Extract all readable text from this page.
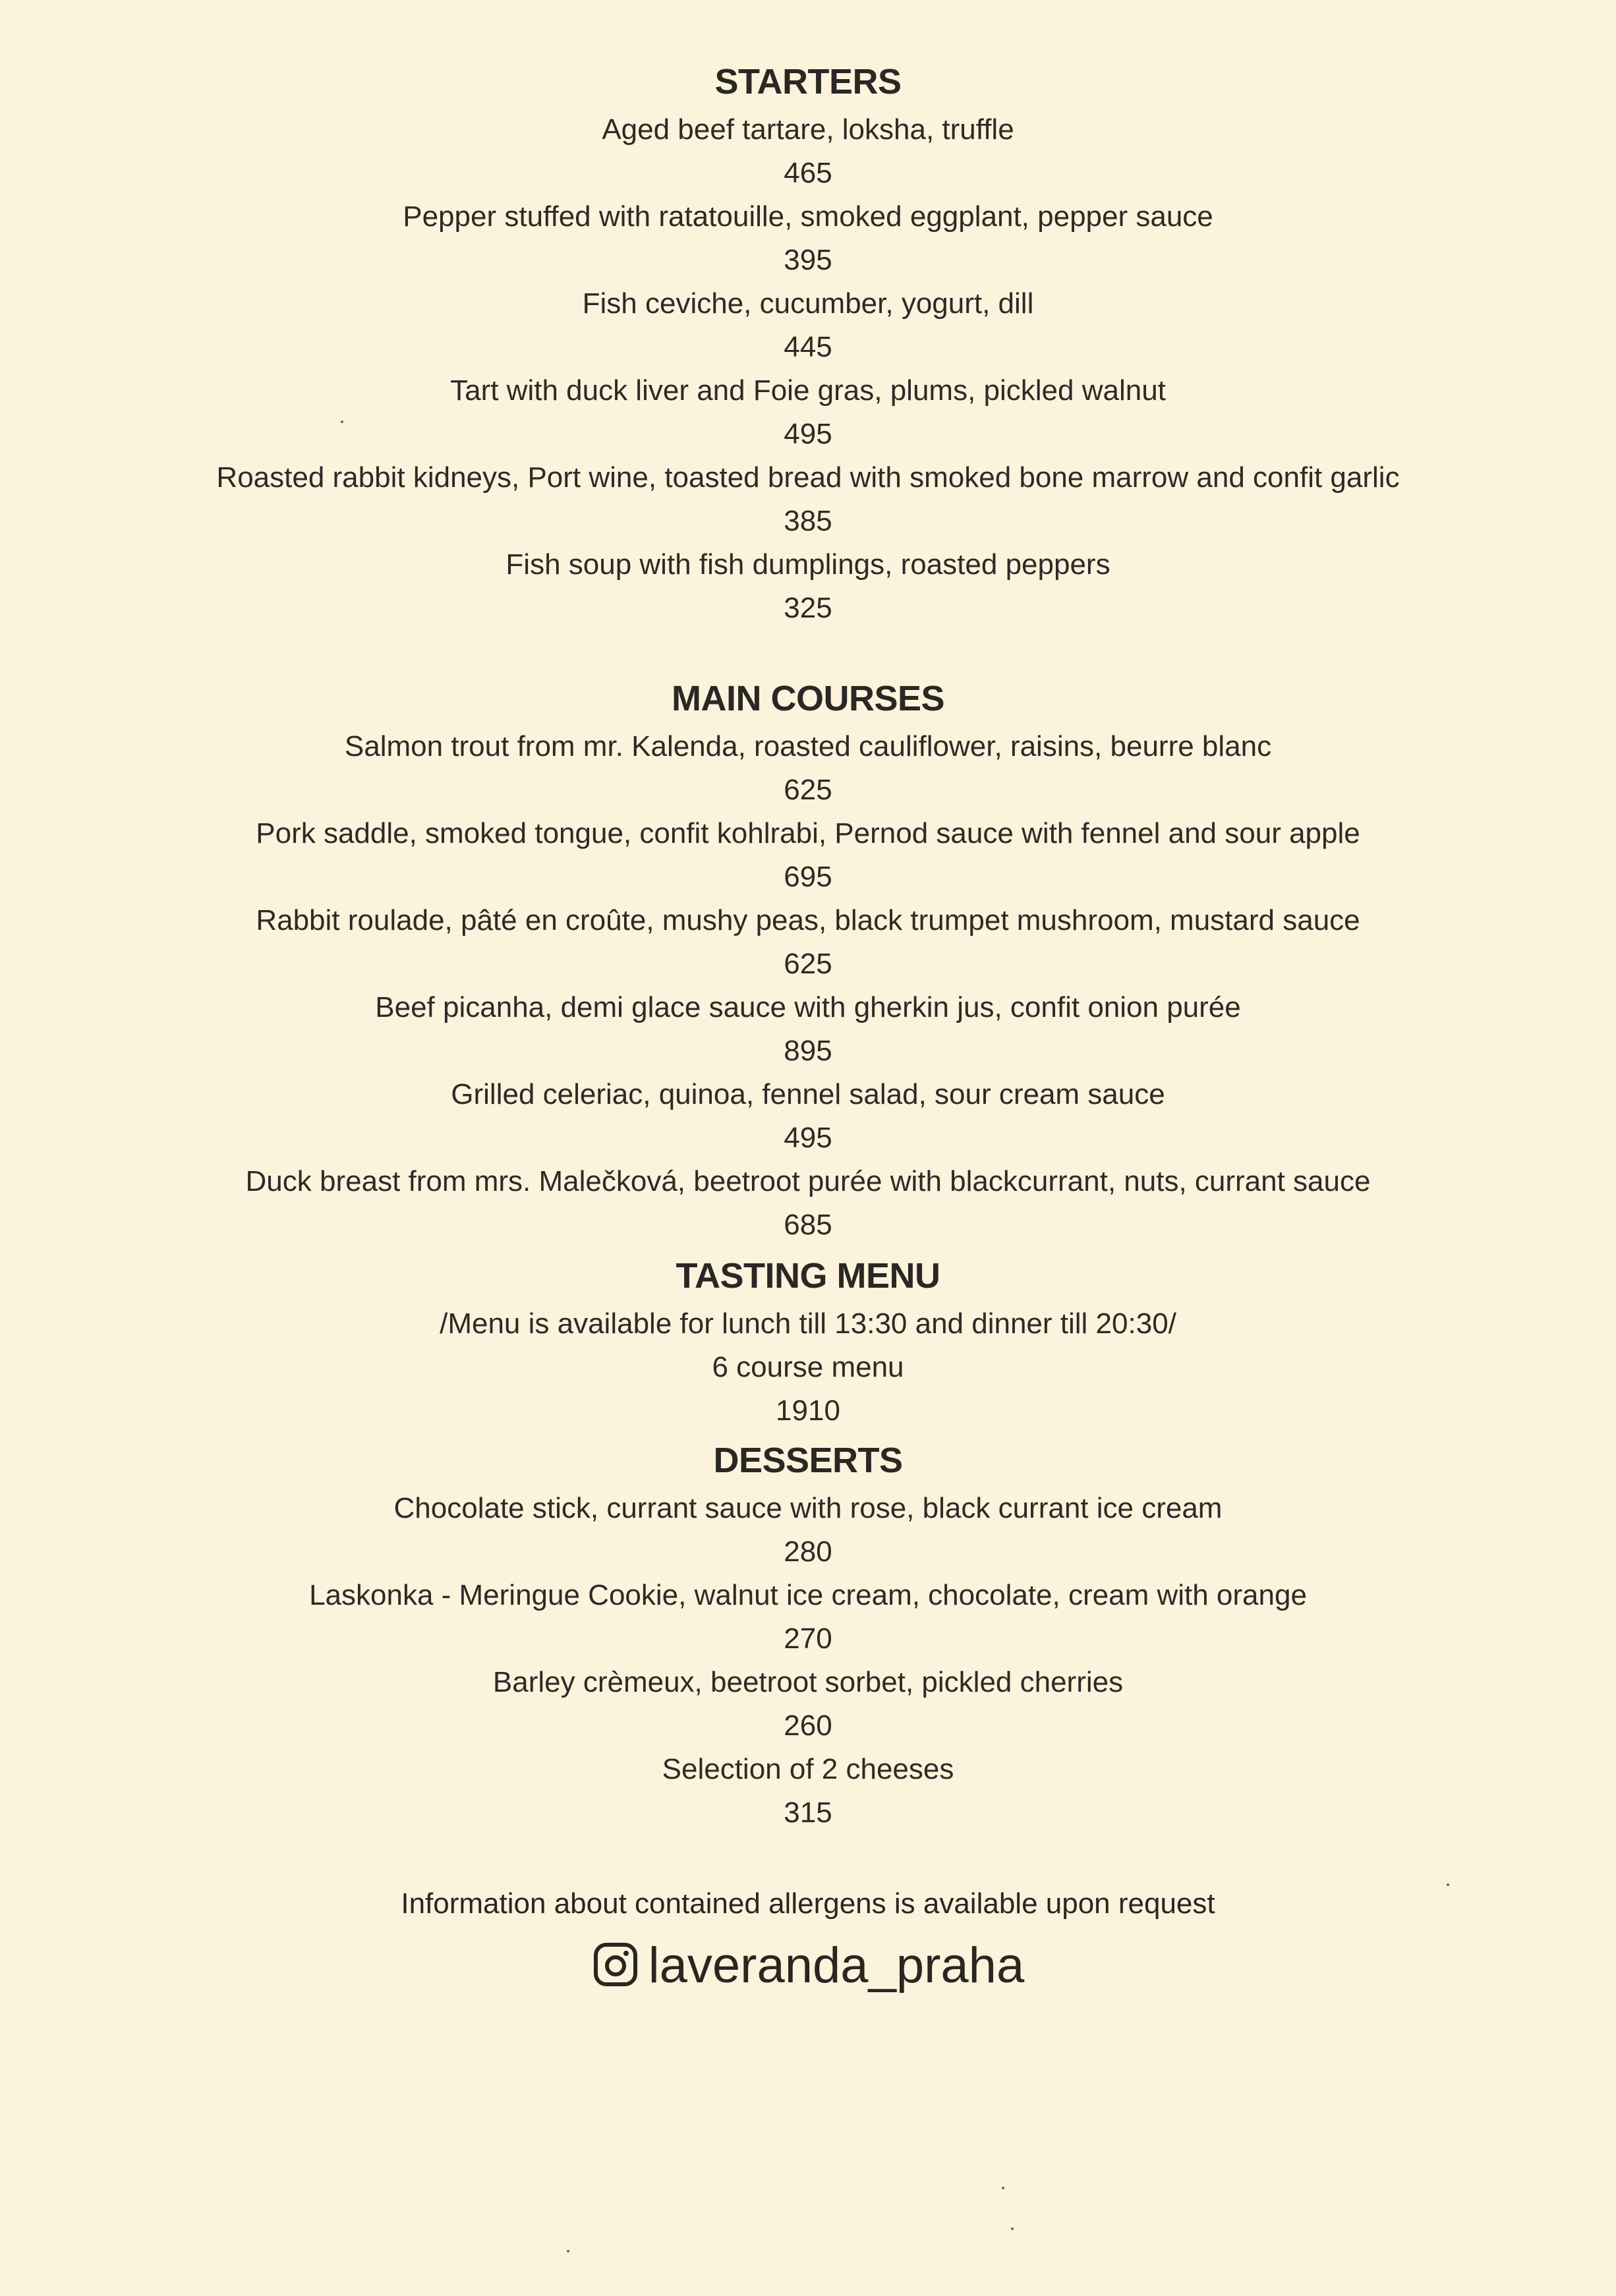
STARTERS
Aged beef tartare, loksha, truffle
465
Pepper stuffed with ratatouille, smoked eggplant, pepper sauce
395
Fish ceviche, cucumber, yogurt, dill
445
Tart with duck liver and Foie gras, plums, pickled walnut
495
Roasted rabbit kidneys, Port wine, toasted bread with smoked bone marrow and confit garlic
385
Fish soup with fish dumplings, roasted peppers
325
MAIN COURSES
Salmon trout from mr. Kalenda, roasted cauliflower, raisins, beurre blanc
625
Pork saddle, smoked tongue, confit kohlrabi, Pernod sauce with fennel and sour apple
695
Rabbit roulade, pâté en croûte, mushy peas, black trumpet mushroom, mustard sauce
625
Beef picanha, demi glace sauce with gherkin jus, confit onion purée
895
Grilled celeriac, quinoa, fennel salad, sour cream sauce
495
Duck breast from mrs. Malečková, beetroot purée with blackcurrant, nuts, currant sauce
685
TASTING MENU
/Menu is available for lunch till 13:30 and dinner till 20:30/
6 course menu
1910
DESSERTS
Chocolate stick, currant sauce with rose, black currant ice cream
280
Laskonka - Meringue Cookie, walnut ice cream, chocolate, cream with orange
270
Barley crèmeux, beetroot sorbet, pickled cherries
260
Selection of 2 cheeses
315
Information about contained allergens is available upon request
laveranda_praha
